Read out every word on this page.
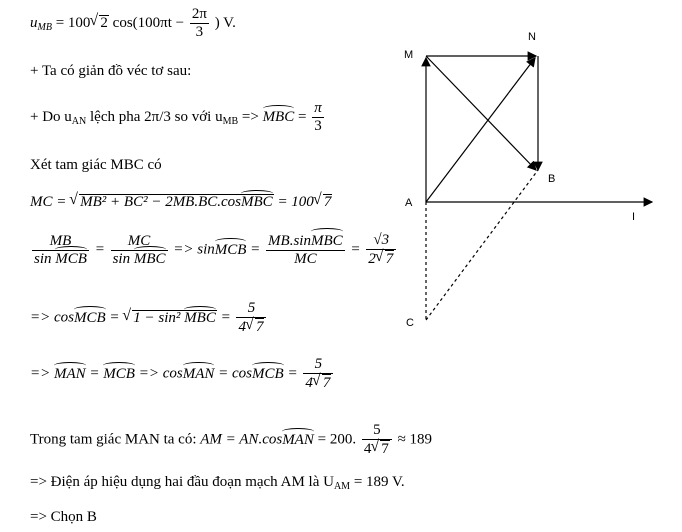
$u_{MB} = 100√$ 2 $\cos(100\pi t - \frac{2\pi}{3}$ ) V.
+ Ta có giản đồ véc tơ sau:
+ Do $u_{AN}$ lệch pha 2π/3 so với $u_{MB}$ => MBC = $\frac{\pi}{3}$
Xét tam giác MBC có
MC = √ MB² + BC² − 2MB.BC.cosMBC = 100√ 7
$\frac{MB}{\text{sin MCB}} = \frac{MC}{\text{sin MBC}}$ => sinMCB = $\frac{\text{MB.sinMBC}}{MC} = \frac{√3}{2√ 7}$
=> cosMCB = √ 1 − sin² MBC = $\frac{5}{4√ 7}$
=> MAN = MCB => cosMAN = cosMCB = $\frac{5}{4√ 7}$
Trong tam giác MAN ta có: AM = AN.cosMAN = 200. $\frac{5}{4√ 7} \approx 189$
=> Điện áp hiệu dụng hai đầu đoạn mạch AM là $U_{AM} = 189$ V.
=> Chọn B
M
N
A
B
C
I
